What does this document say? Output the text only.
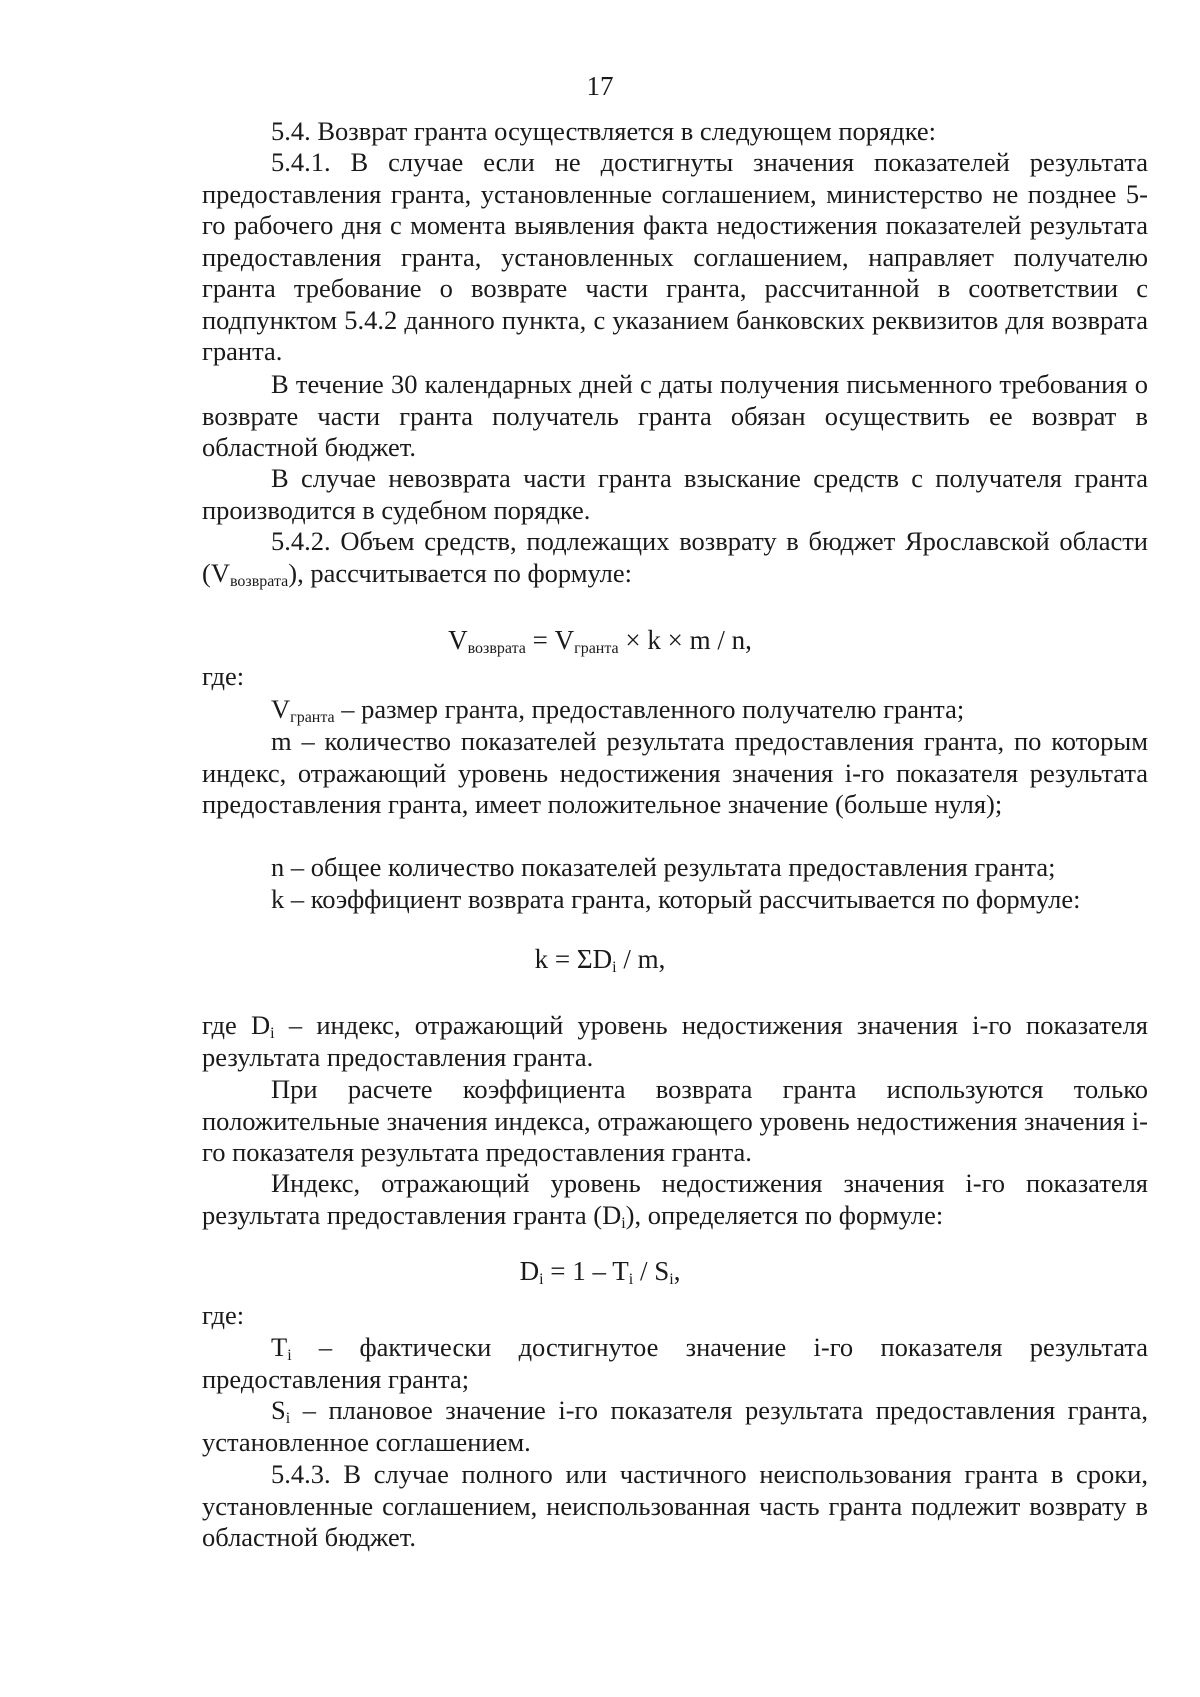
17
5.4. Возврат гранта осуществляется в следующем порядке:
5.4.1. В случае если не достигнуты значения показателей результата предоставления гранта, установленные соглашением, министерство не позднее 5-го рабочего дня с момента выявления факта недостижения показателей результата предоставления гранта, установленных соглашением, направляет получателю гранта требование о возврате части гранта, рассчитанной в соответствии с подпунктом 5.4.2 данного пункта, с указанием банковских реквизитов для возврата гранта.
В течение 30 календарных дней с даты получения письменного требования о возврате части гранта получатель гранта обязан осуществить ее возврат в областной бюджет.
В случае невозврата части гранта взыскание средств с получателя гранта производится в судебном порядке.
5.4.2. Объем средств, подлежащих возврату в бюджет Ярославской области $(V_{возврата})$, рассчитывается по формуле:
$V_{возврата} = V_{гранта} \times k \times m / n$,
где:
$V_{гранта}$ – размер гранта, предоставленного получателю гранта;
m – количество показателей результата предоставления гранта, по которым индекс, отражающий уровень недостижения значения i-го показателя результата предоставления гранта, имеет положительное значение (больше нуля);
n – общее количество показателей результата предоставления гранта;
k – коэффициент возврата гранта, который рассчитывается по формуле:
$k = \Sigma D_i / m$,
где $D_i$ – индекс, отражающий уровень недостижения значения i-го показателя результата предоставления гранта.
При расчете коэффициента возврата гранта используются только положительные значения индекса, отражающего уровень недостижения значения i-го показателя результата предоставления гранта.
Индекс, отражающий уровень недостижения значения i-го показателя результата предоставления гранта $(D_i)$, определяется по формуле:
$D_i = 1 - T_i / S_i$,
где:
$T_i$ – фактически достигнутое значение i-го показателя результата предоставления гранта;
$S_i$ – плановое значение i-го показателя результата предоставления гранта, установленное соглашением.
5.4.3. В случае полного или частичного неиспользования гранта в сроки, установленные соглашением, неиспользованная часть гранта подлежит возврату в областной бюджет.
